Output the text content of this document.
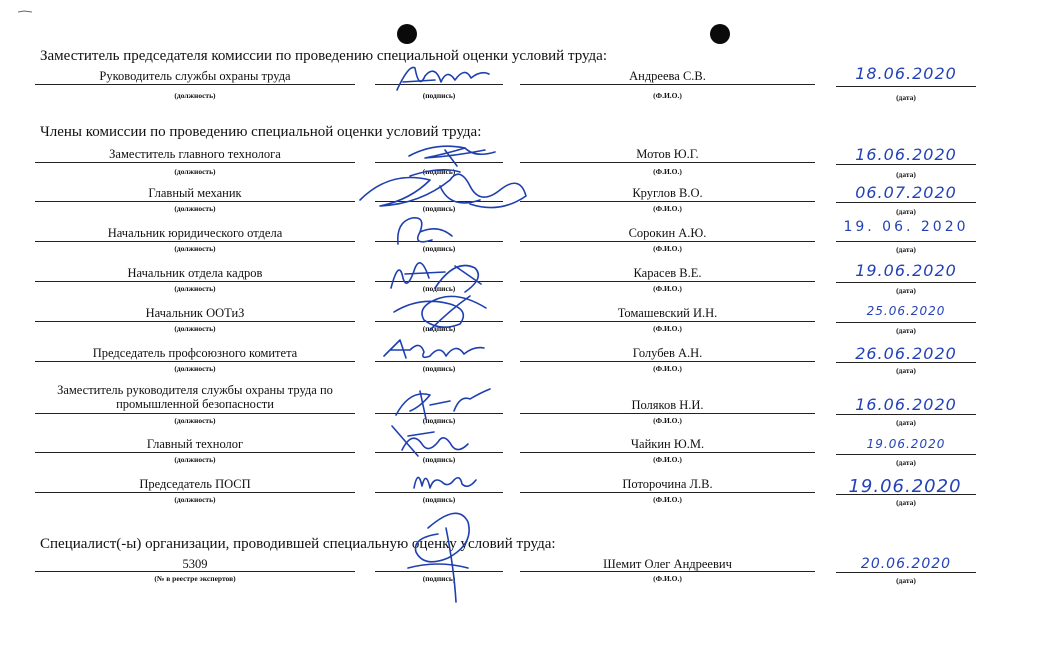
Заместитель председателя комиссии по проведению специальной оценки условий труда:
Руководитель службы охраны труда
(должность)	(подпись)
Андреева С.В.
(Ф.И.О.)
18.06.2020
(дата)
Члены комиссии по проведению специальной оценки условий труда:
Заместитель главного технолога
(должность)	(подпись)
Мотов Ю.Г.
(Ф.И.О.)
16.06.2020
(дата)
Главный механик
(должность)	(подпись)
Круглов В.О.
(Ф.И.О.)
06.07.2020
(дата)
Начальник юридического отдела
(должность)	(подпись)
Сорокин А.Ю.
(Ф.И.О.)
19. 06. 2020
(дата)
Начальник отдела кадров
(должность)	(подпись)
Карасев В.Е.
(Ф.И.О.)
19.06.2020
(дата)
Начальник ООТиЗ
(должность)	(подпись)
Томашевский И.Н.
(Ф.И.О.)
25.06.2020
(дата)
Председатель профсоюзного комитета
(должность)	(подпись)
Голубев А.Н.
(Ф.И.О.)
26.06.2020
(дата)
Заместитель руководителя службы охраны труда по промышленной безопасности
(должность)	(подпись)
Поляков Н.И.
(Ф.И.О.)
16.06.2020
(дата)
Главный технолог
(должность)	(подпись)
Чайкин Ю.М.
(Ф.И.О.)
19.06.2020
(дата)
Председатель ПОСП
(должность)	(подпись)
Поторочина Л.В.
(Ф.И.О.)
19.06.2020
(дата)
Специалист(-ы) организации, проводившей специальную оценку условий труда:
5309
(№ в реестре экспертов)	(подпись)
Шемит Олег Андреевич
(Ф.И.О.)
20.06.2020
(дата)
